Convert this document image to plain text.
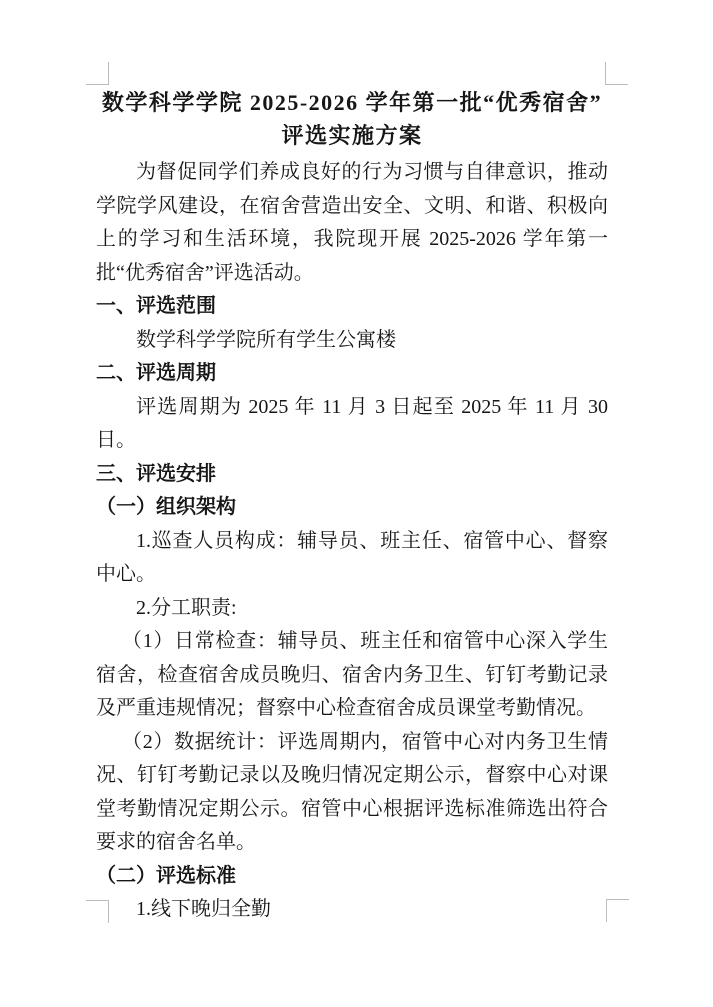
数学科学学院 2025-2026 学年第一批“优秀宿舍”
评选实施方案
为督促同学们养成良好的行为习惯与自律意识，推动学院学风建设，在宿舍营造出安全、文明、和谐、积极向上的学习和生活环境，我院现开展 2025-2026 学年第一批“优秀宿舍”评选活动。
一、评选范围
数学科学学院所有学生公寓楼
二、评选周期
评选周期为 2025 年 11 月 3 日起至 2025 年 11 月 30 日。
三、评选安排
（一）组织架构
1.巡查人员构成：辅导员、班主任、宿管中心、督察中心。
2.分工职责:
（1）日常检查：辅导员、班主任和宿管中心深入学生宿舍，检查宿舍成员晚归、宿舍内务卫生、钉钉考勤记录及严重违规情况；督察中心检查宿舍成员课堂考勤情况。
（2）数据统计：评选周期内，宿管中心对内务卫生情况、钉钉考勤记录以及晚归情况定期公示，督察中心对课堂考勤情况定期公示。宿管中心根据评选标准筛选出符合要求的宿舍名单。
（二）评选标准
1.线下晚归全勤
